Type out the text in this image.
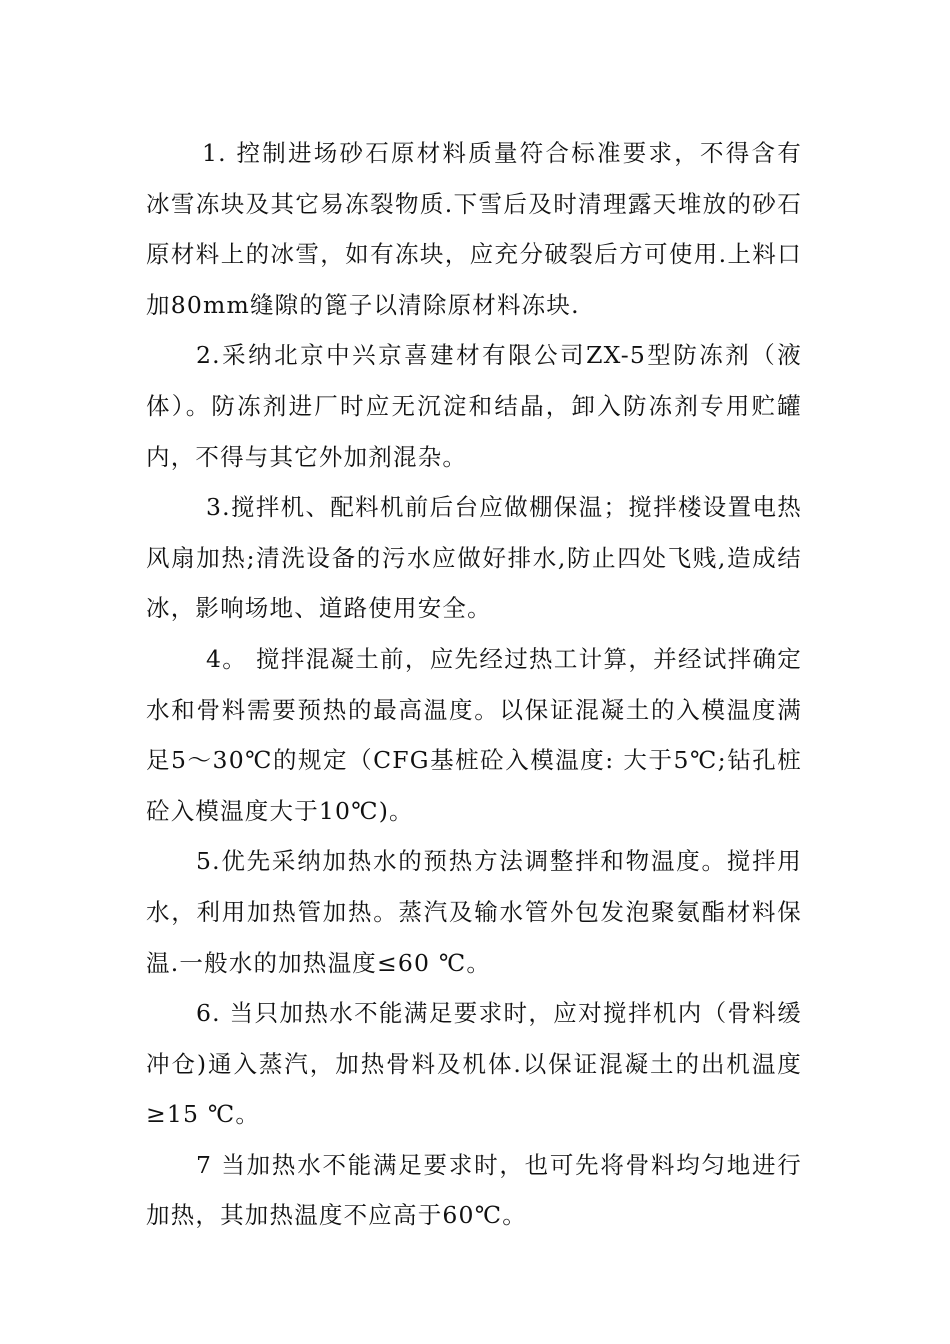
1. 控制进场砂石原材料质量符合标准要求，不得含有冰雪冻块及其它易冻裂物质.下雪后及时清理露天堆放的砂石原材料上的冰雪，如有冻块，应充分破裂后方可使用.上料口加80mm缝隙的篦子以清除原材料冻块.

2.采纳北京中兴京喜建材有限公司ZX-5型防冻剂（液体）。防冻剂进厂时应无沉淀和结晶，卸入防冻剂专用贮罐内，不得与其它外加剂混杂。

3.搅拌机、配料机前后台应做棚保温；搅拌楼设置电热风扇加热;清洗设备的污水应做好排水,防止四处飞贱,造成结冰，影响场地、道路使用安全。

4。 搅拌混凝土前，应先经过热工计算，并经试拌确定水和骨料需要预热的最高温度。以保证混凝土的入模温度满足5～30℃的规定（CFG基桩砼入模温度: 大于5℃;钻孔桩砼入模温度大于10℃)。

5.优先采纳加热水的预热方法调整拌和物温度。搅拌用水，利用加热管加热。蒸汽及输水管外包发泡聚氨酯材料保温.一般水的加热温度≤60 ℃。

6. 当只加热水不能满足要求时，应对搅拌机内（骨料缓冲仓)通入蒸汽，加热骨料及机体.以保证混凝土的出机温度≥15 ℃。

7 当加热水不能满足要求时，也可先将骨料均匀地进行加热，其加热温度不应高于60℃。
